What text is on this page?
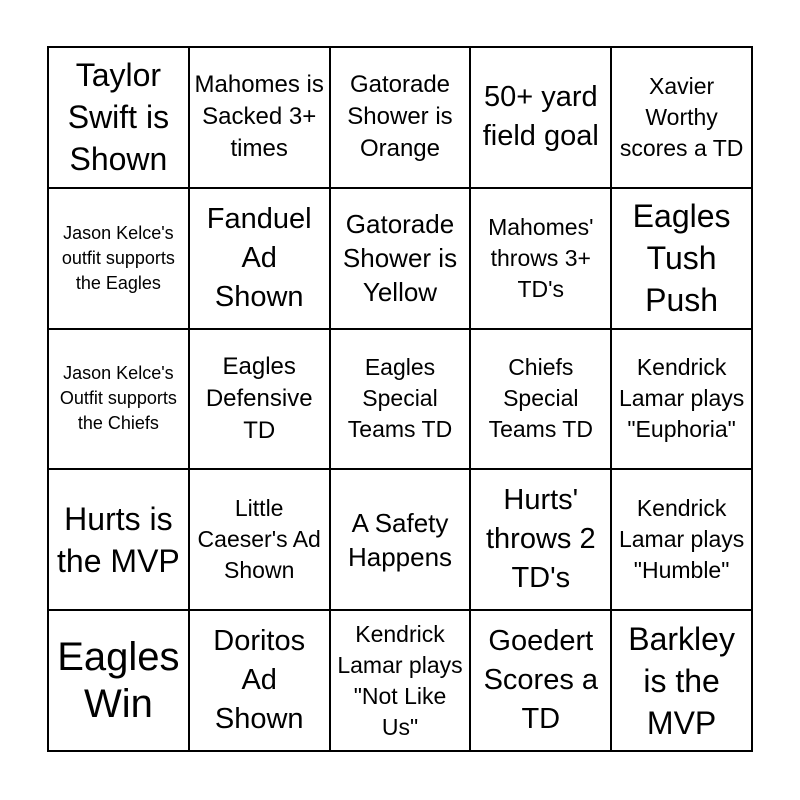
Taylor Swift is Shown
Mahomes is Sacked 3+ times
Gatorade Shower is Orange
50+ yard field goal
Xavier Worthy scores a TD
Jason Kelce's outfit supports the Eagles
Fanduel Ad Shown
Gatorade Shower is Yellow
Mahomes' throws 3+ TD's
Eagles Tush Push
Jason Kelce's Outfit supports the Chiefs
Eagles Defensive TD
Eagles Special Teams TD
Chiefs Special Teams TD
Kendrick Lamar plays "Euphoria"
Hurts is the MVP
Little Caeser's Ad Shown
A Safety Happens
Hurts' throws 2 TD's
Kendrick Lamar plays "Humble"
Eagles Win
Doritos Ad Shown
Kendrick Lamar plays "Not Like Us"
Goedert Scores a TD
Barkley is the MVP
